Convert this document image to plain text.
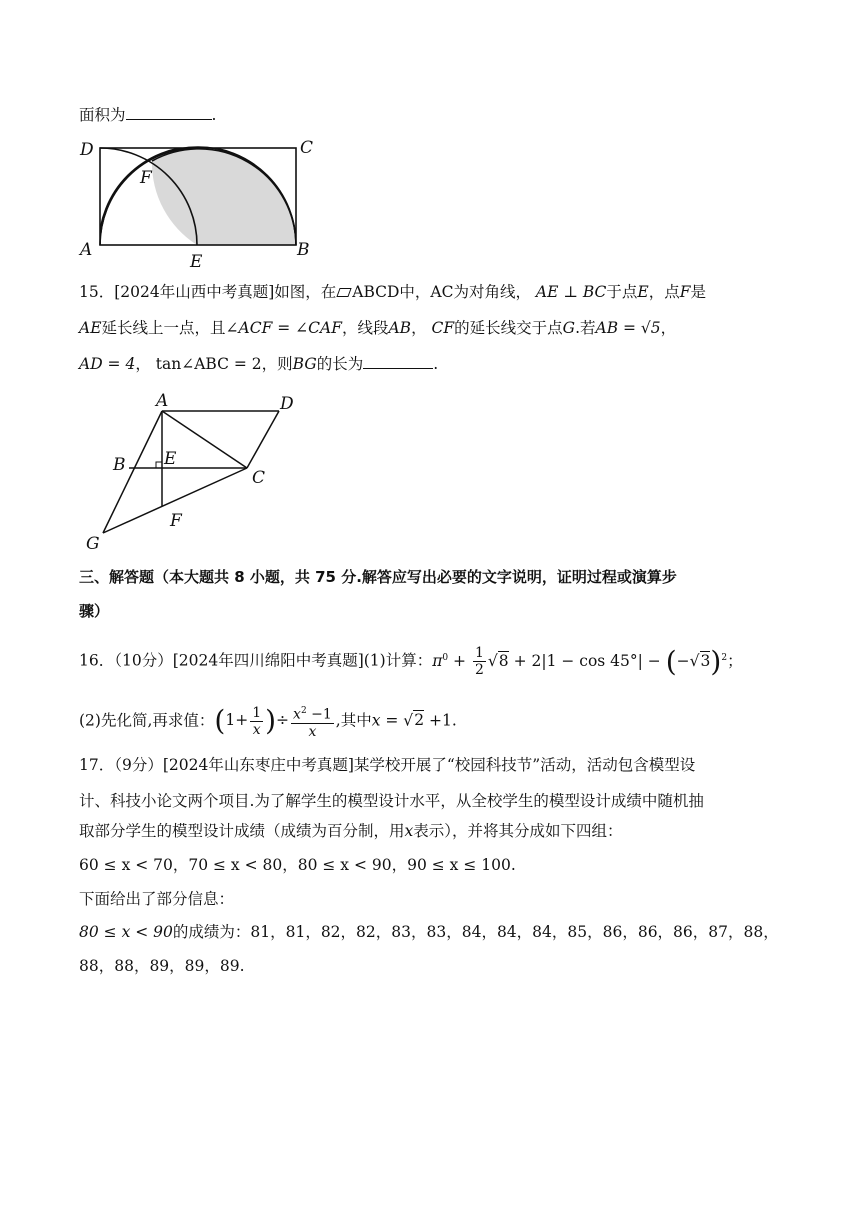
面积为	.
D	C
F
A
E
B
15．[2024年山西中考真题]如图，在 ABCD中，AC为对角线， AE ⊥ BC于点E，点F是
AE延长线上一点，且∠ACF = ∠CAF，线段AB， CF的延长线交于点G.若AB = √5，
AD = 4， tan∠ABC = 2，则BG的长为	.
A	D
B E
C
F
G
三、解答题（本大题共 8 小题，共 75 分.解答应写出必要的文字说明，证明过程或演算步
骤）
16．（10分）[2024年四川绵阳中考真题](1)计算：$\pi^0 + \frac{1}{2} √8 + 2|1 - \cos 45^\circ| - (-√3)^2$；
(2)先化简,再求值：($1+ \frac{1}{x}$ )÷ $\frac{x^2 -1}{x}$ ,其中x = √2 +1.
17．（9分）[2024年山东枣庄中考真题]某学校开展了“校园科技节”活动，活动包含模型设
计、科技小论文两个项目.为了解学生的模型设计水平，从全校学生的模型设计成绩中随机抽
取部分学生的模型设计成绩（成绩为百分制，用x表示），并将其分成如下四组：
60 ≤ x < 70，70 ≤ x < 80，80 ≤ x < 90，90 ≤ x ≤ 100.
下面给出了部分信息：
80 ≤ x < 90的成绩为：81，81，82，82，83，83，84，84，84，85，86，86，86，87，88，
88，88，89，89，89.
